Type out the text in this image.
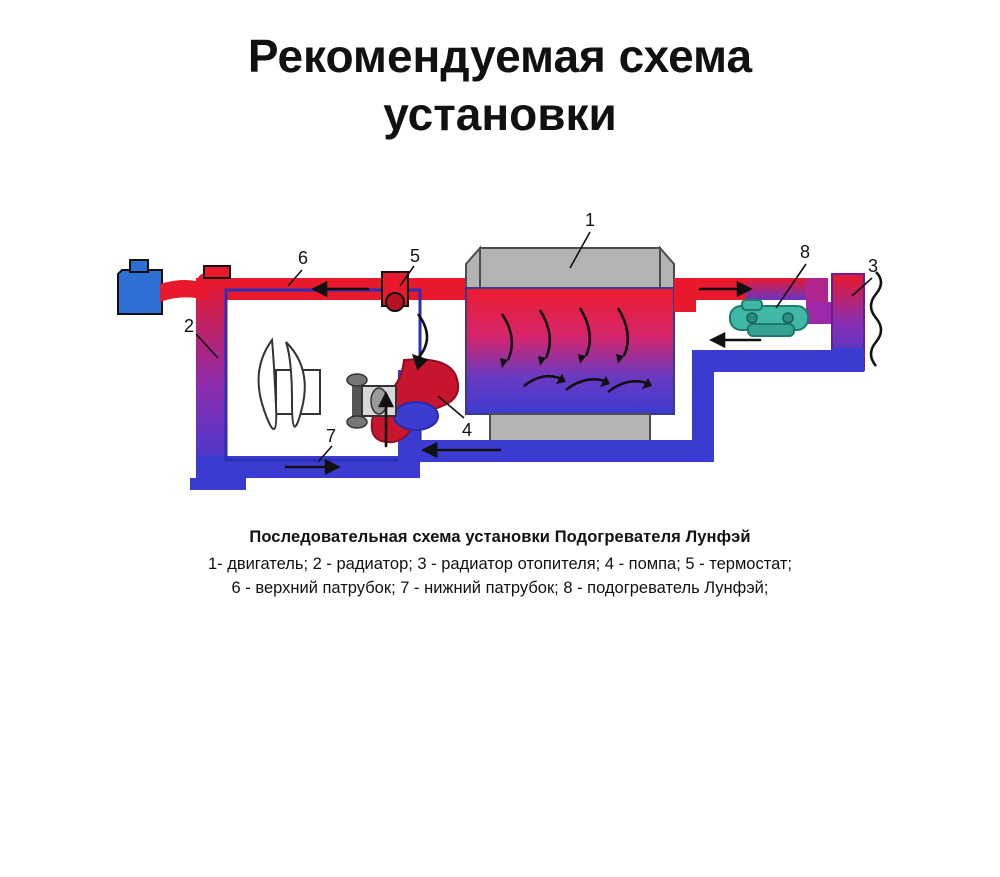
Рекомендуемая схема
установки
1
2
3
4
5
6
7
8
Последовательная схема установки Подогревателя Лунфэй
1- двигатель; 2 - радиатор; 3 - радиатор отопителя; 4 - помпа; 5 - термостат;
6 - верхний патрубок; 7 - нижний патрубок; 8 - подогреватель Лунфэй;
